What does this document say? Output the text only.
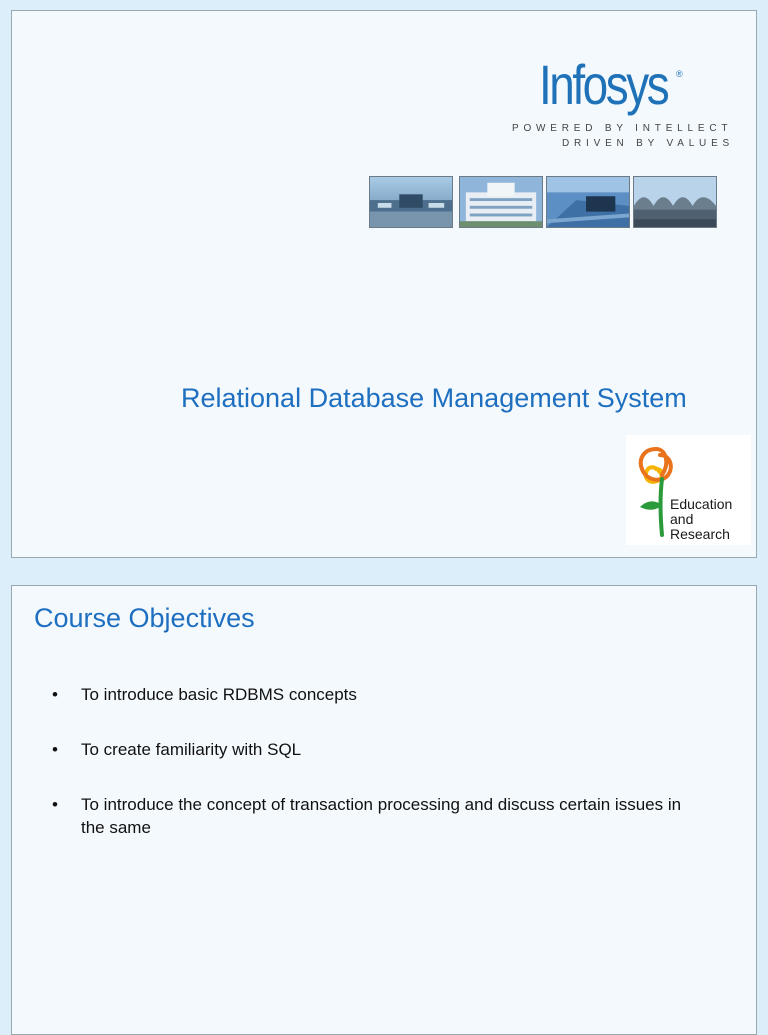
Infosys ®
POWERED BY INTELLECT
DRIVEN BY VALUES
Relational Database Management System
Education
and
Research
Course Objectives
• To introduce basic RDBMS concepts
• To create familiarity with SQL
• To introduce the concept of transaction processing and discuss certain issues in the same
